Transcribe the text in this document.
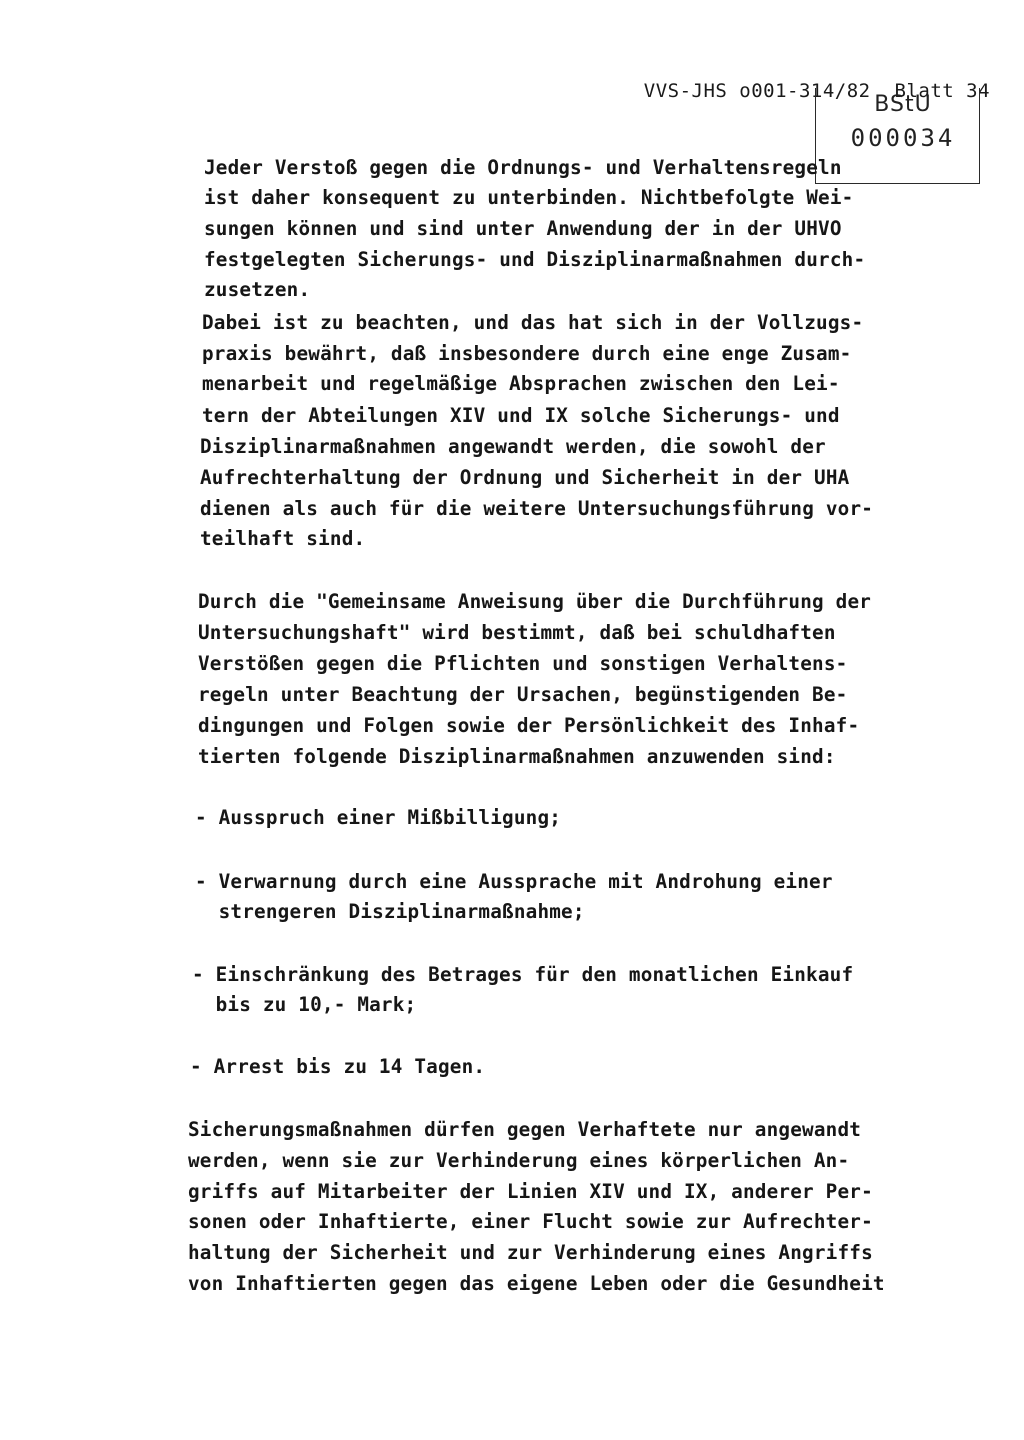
VVS-JHS o001-314/82 Blatt 34

BStU
000034
Jeder Verstoß gegen die Ordnungs- und Verhaltensregeln
ist daher konsequent zu unterbinden. Nichtbefolgte Wei-
sungen können und sind unter Anwendung der in der UHVO
festgelegten Sicherungs- und Disziplinarmaßnahmen durch-
zusetzen.
Dabei ist zu beachten, und das hat sich in der Vollzugs-
praxis bewährt, daß insbesondere durch eine enge Zusam-
menarbeit und regelmäßige Absprachen zwischen den Lei-
tern der Abteilungen XIV und IX solche Sicherungs- und
Disziplinarmaßnahmen angewandt werden, die sowohl der
Aufrechterhaltung der Ordnung und Sicherheit in der UHA
dienen als auch für die weitere Untersuchungsführung vor-
teilhaft sind.
Durch die "Gemeinsame Anweisung über die Durchführung der
Untersuchungshaft" wird bestimmt, daß bei schuldhaften
Verstößen gegen die Pflichten und sonstigen Verhaltens-
regeln unter Beachtung der Ursachen, begünstigenden Be-
dingungen und Folgen sowie der Persönlichkeit des Inhaf-
tierten folgende Disziplinarmaßnahmen anzuwenden sind:
- Ausspruch einer Mißbilligung;
- Verwarnung durch eine Aussprache mit Androhung einer
strengeren Disziplinarmaßnahme;
- Einschränkung des Betrages für den monatlichen Einkauf
bis zu 10,- Mark;
- Arrest bis zu 14 Tagen.
Sicherungsmaßnahmen dürfen gegen Verhaftete nur angewandt
werden, wenn sie zur Verhinderung eines körperlichen An-
griffs auf Mitarbeiter der Linien XIV und IX, anderer Per-
sonen oder Inhaftierte, einer Flucht sowie zur Aufrechter-
haltung der Sicherheit und zur Verhinderung eines Angriffs
von Inhaftierten gegen das eigene Leben oder die Gesundheit
